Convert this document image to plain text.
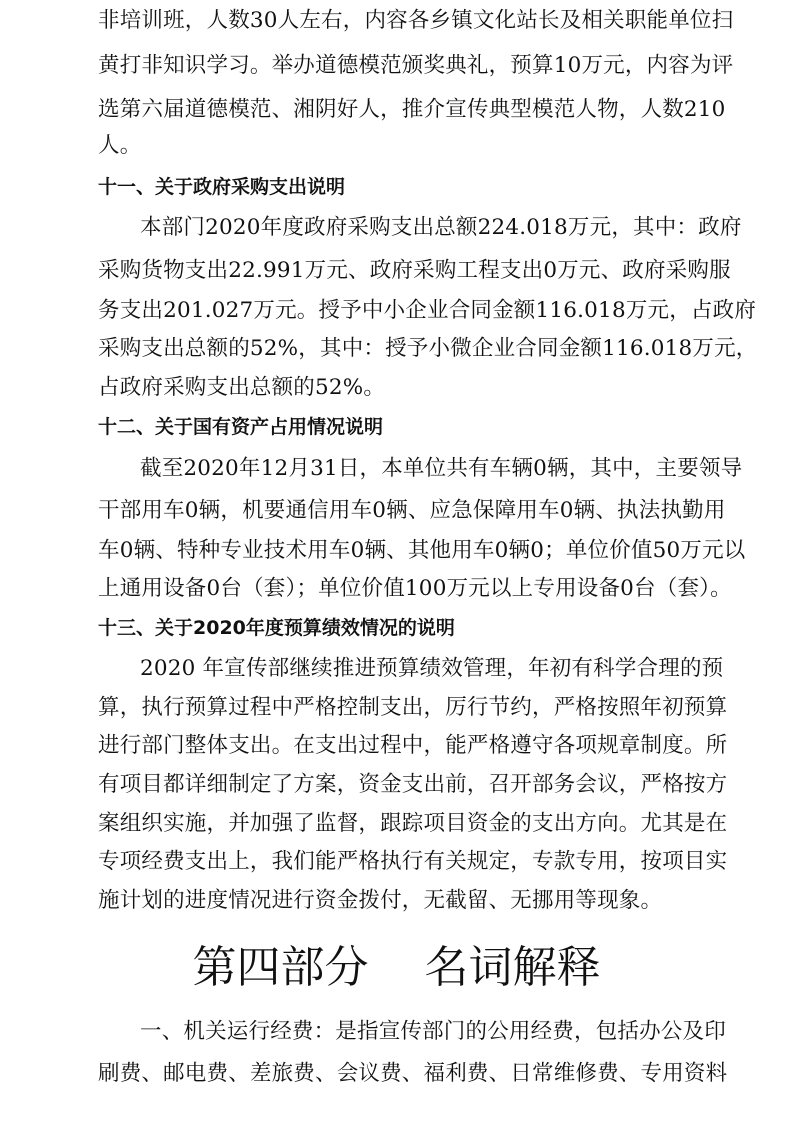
非培训班，人数30人左右，内容各乡镇文化站长及相关职能单位扫
黄打非知识学习。举办道德模范颁奖典礼，预算10万元，内容为评
选第六届道德模范、湘阴好人，推介宣传典型模范人物，人数210
人。
十一、关于政府采购支出说明
本部门2020年度政府采购支出总额224.018万元，其中：政府
采购货物支出22.991万元、政府采购工程支出0万元、政府采购服
务支出201.027万元。授予中小企业合同金额116.018万元，占政府
采购支出总额的52%，其中：授予小微企业合同金额116.018万元，
占政府采购支出总额的52%。
十二、关于国有资产占用情况说明
截至2020年12月31日，本单位共有车辆0辆，其中，主要领导
干部用车0辆，机要通信用车0辆、应急保障用车0辆、执法执勤用
车0辆、特种专业技术用车0辆、其他用车0辆0；单位价值50万元以
上通用设备0台（套）；单位价值100万元以上专用设备0台（套）。
十三、关于2020年度预算绩效情况的说明
2020 年宣传部继续推进预算绩效管理，年初有科学合理的预
算，执行预算过程中严格控制支出，厉行节约，严格按照年初预算
进行部门整体支出。在支出过程中，能严格遵守各项规章制度。所
有项目都详细制定了方案，资金支出前，召开部务会议，严格按方
案组织实施，并加强了监督，跟踪项目资金的支出方向。尤其是在
专项经费支出上，我们能严格执行有关规定，专款专用，按项目实
施计划的进度情况进行资金拨付，无截留、无挪用等现象。
第四部分    名词解释
一、机关运行经费：是指宣传部门的公用经费，包括办公及印
刷费、邮电费、差旅费、会议费、福利费、日常维修费、专用资料
